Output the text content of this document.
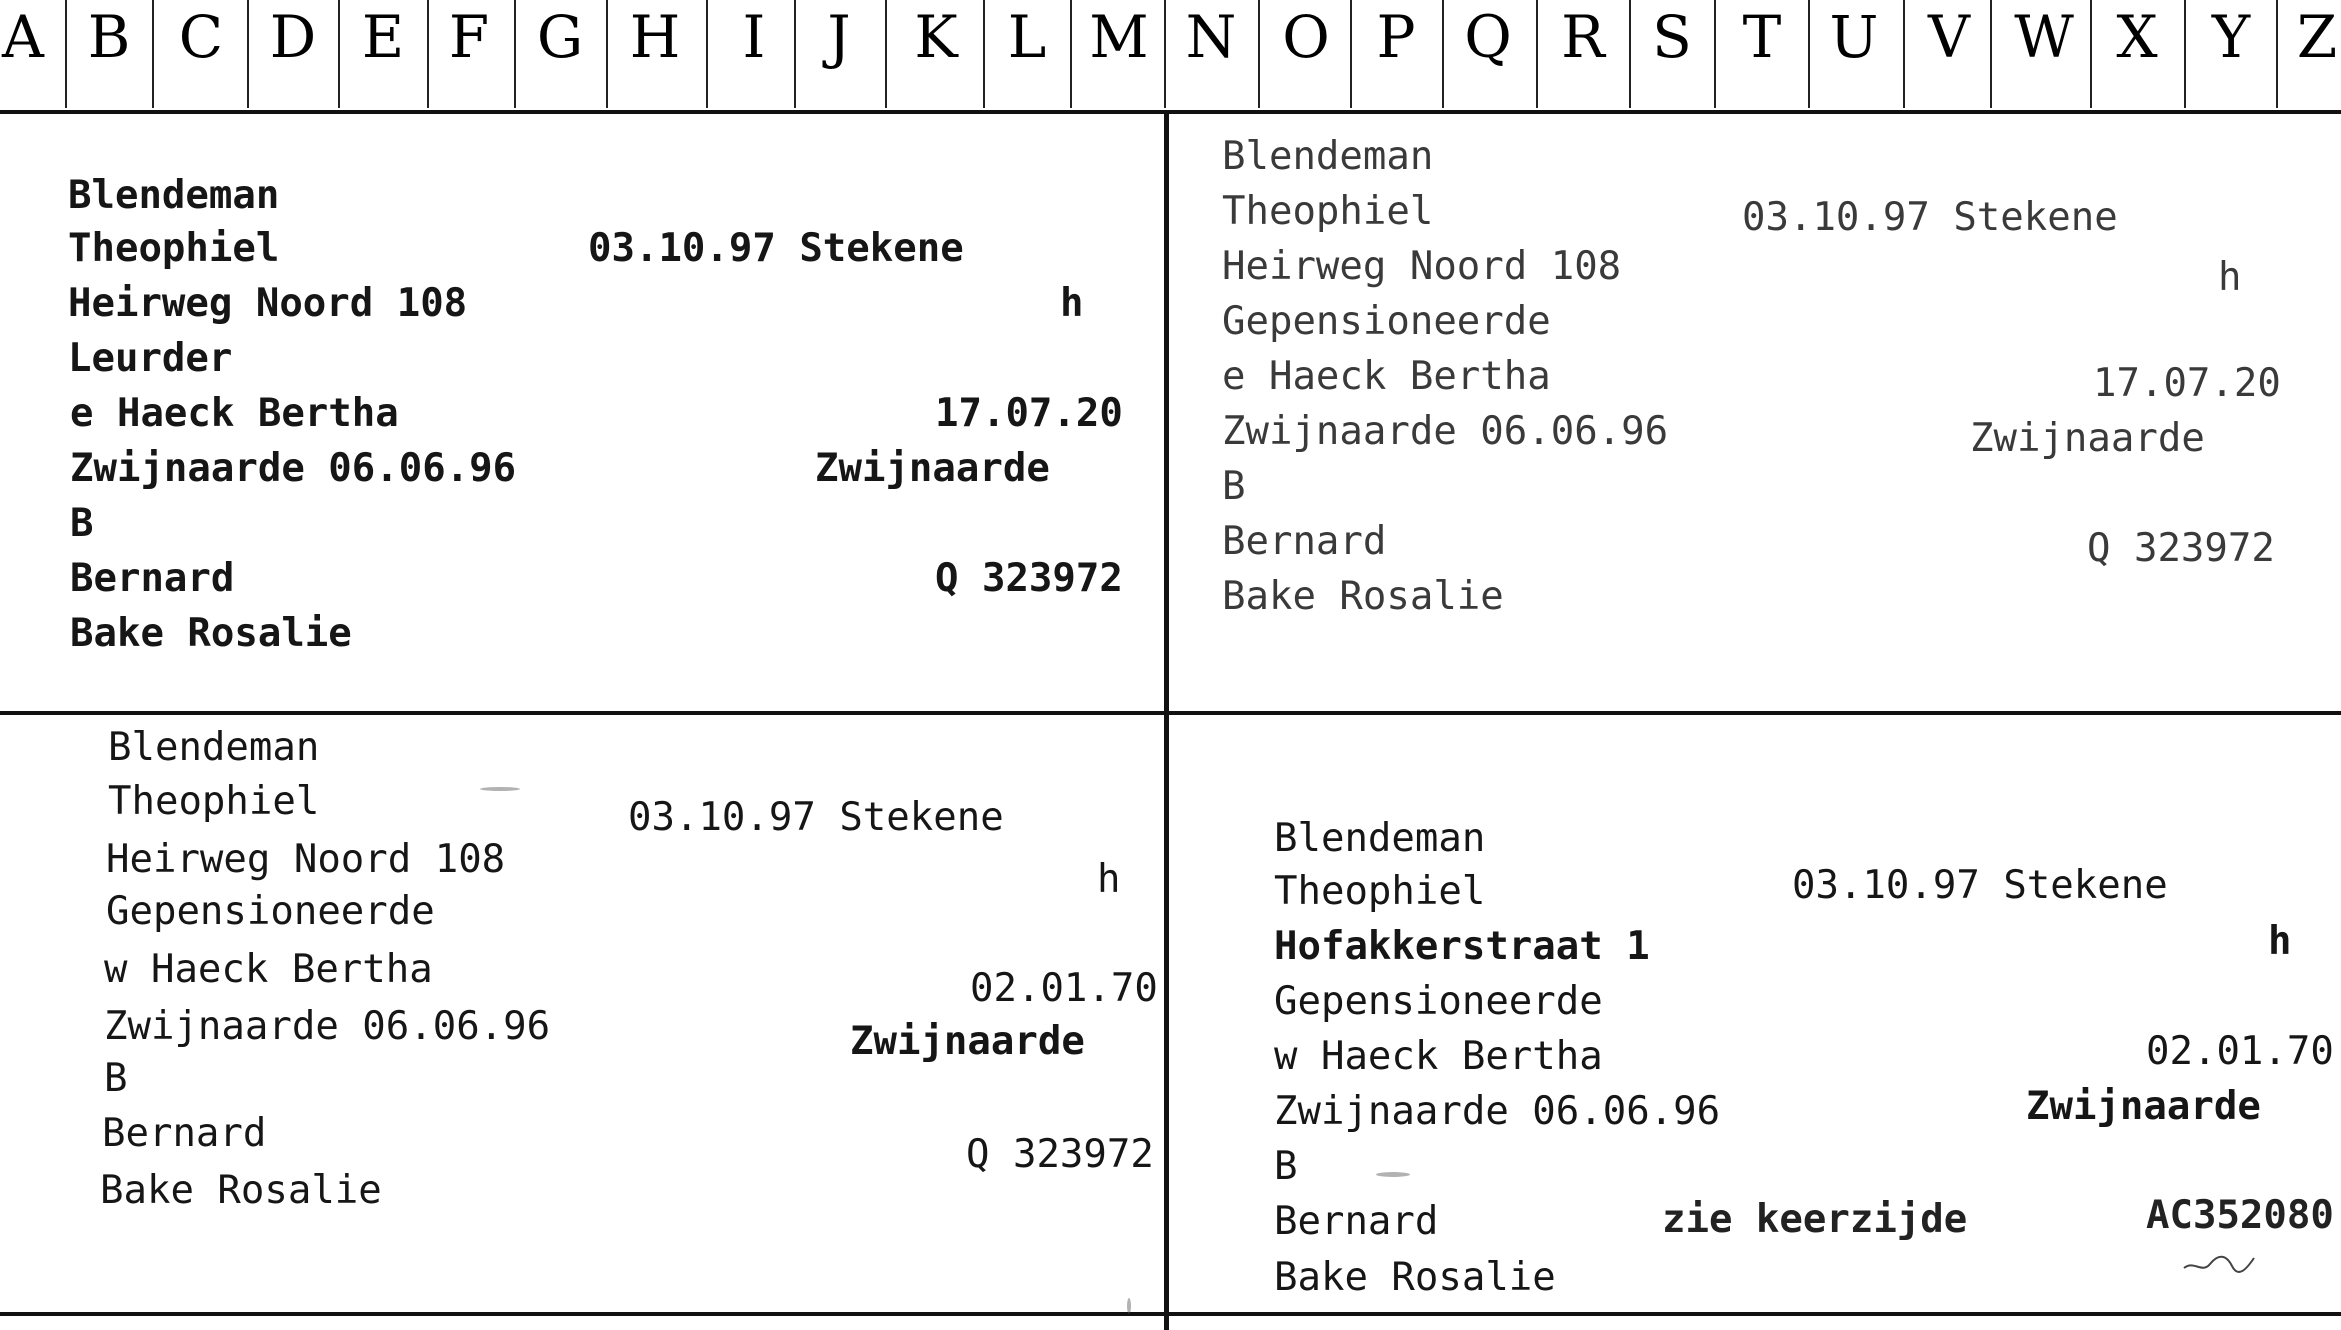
A B C D E F G H	I	J	K L M N O P Q R S T U V W X Y Z
Blendeman
Theophiel	03.10.97 Stekene
Heirweg Noord 108	h
Leurder
e Haeck Bertha	17.07.20
Zwijnaarde 06.06.96	Zwijnaarde
B
Bernard	Q 323972
Bake Rosalie
Blendeman
Theophiel	03.10.97 Stekene
Heirweg Noord 108	h
Gepensioneerde
e Haeck Bertha	17.07.20
Zwijnaarde 06.06.96	Zwijnaarde
B
Bernard	Q 323972
Bake Rosalie
Blendeman
Theophiel	03.10.97 Stekene
Heirweg Noord 108	h
Gepensioneerde
w Haeck Bertha	02.01.70
Zwijnaarde 06.06.96	Zwijnaarde
B
Bernard	Q 323972
Bake Rosalie
Blendeman
Theophiel	03.10.97 Stekene
Hofakkerstraat 1	h
Gepensioneerde
w Haeck Bertha	02.01.70
Zwijnaarde 06.06.96	Zwijnaarde
B
Bernard	zie keerzijde	AC352080
Bake Rosalie
